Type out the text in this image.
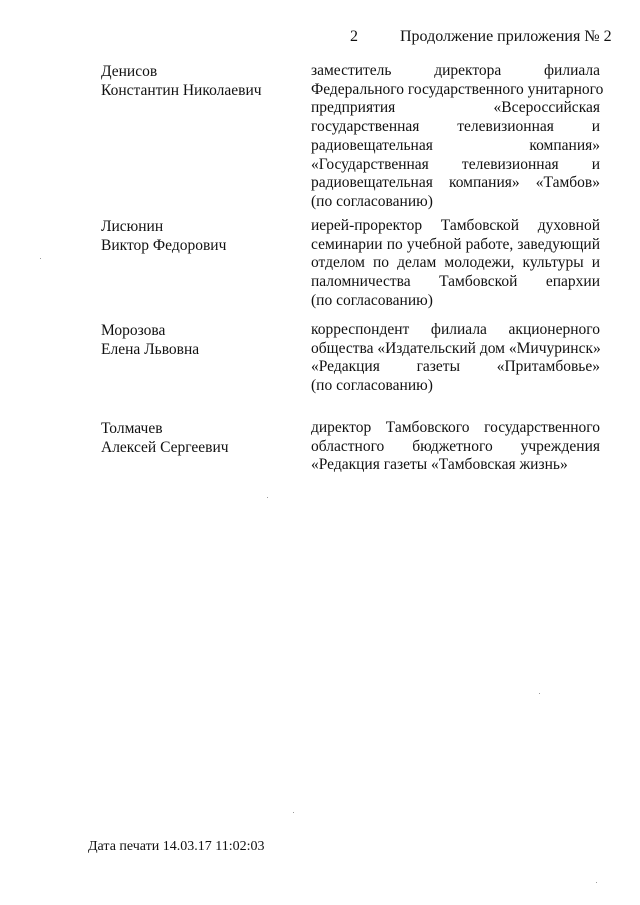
2	Продолжение приложения № 2
Денисов
Константин Николаевич
заместитель директора филиала
Федерального государственного унитарного
предприятия «Всероссийская
государственная телевизионная и
радиовещательная компания»
«Государственная телевизионная и
радиовещательная компания» «Тамбов»
(по согласованию)
Лисюнин
Виктор Федорович
иерей-проректор Тамбовской духовной
семинарии по учебной работе, заведующий
отделом по делам молодежи, культуры и
паломничества Тамбовской епархии
(по согласованию)
Морозова
Елена Львовна
корреспондент филиала акционерного
общества «Издательский дом «Мичуринск»
«Редакция газеты «Притамбовье»
(по согласованию)
Толмачев
Алексей Сергеевич
директор Тамбовского государственного
областного бюджетного учреждения
«Редакция газеты «Тамбовская жизнь»
Дата печати 14.03.17 11:02:03
